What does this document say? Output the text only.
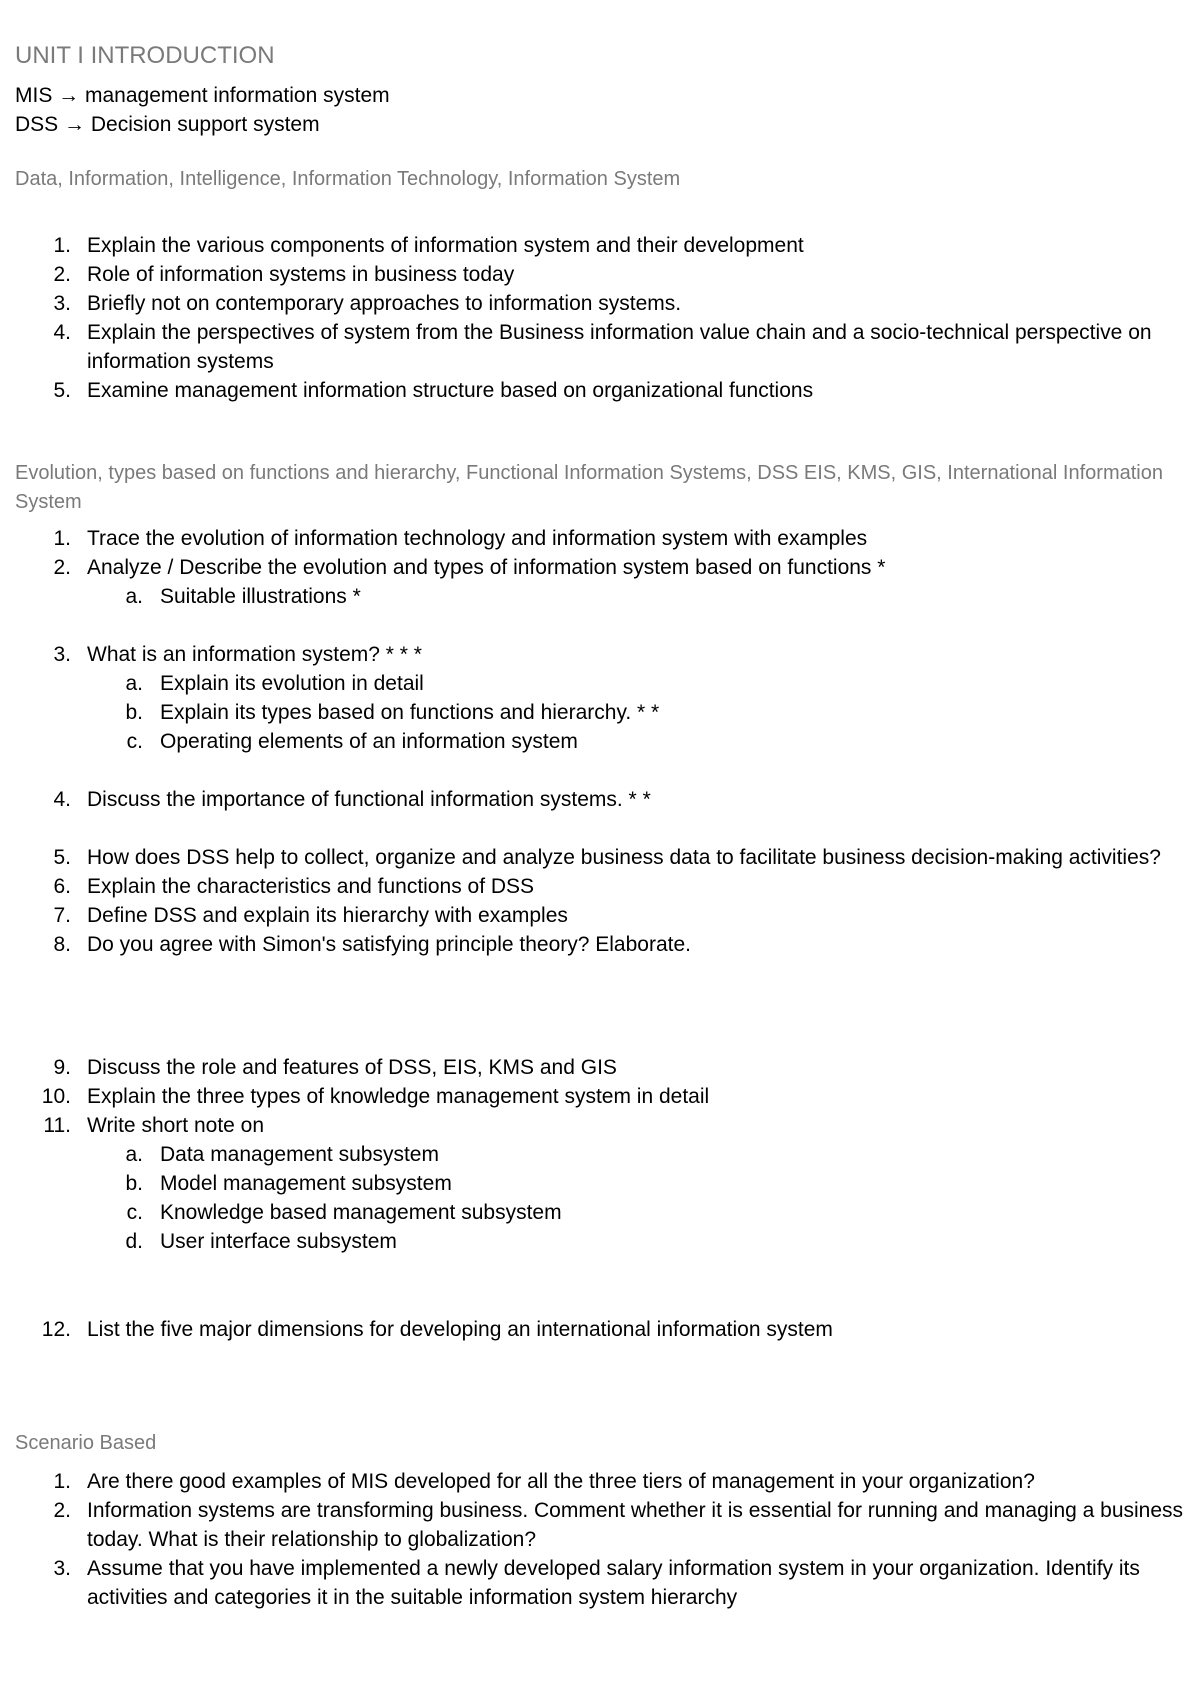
UNIT I INTRODUCTION
MIS → management information system
DSS → Decision support system
Data, Information, Intelligence, Information Technology, Information System
1. Explain the various components of information system and their development
2. Role of information systems in business today
3. Briefly not on contemporary approaches to information systems.
4. Explain the perspectives of system from the Business information value chain and a socio-technical perspective on information systems
5. Examine management information structure based on organizational functions
Evolution, types based on functions and hierarchy, Functional Information Systems, DSS EIS, KMS, GIS, International Information System
1. Trace the evolution of information technology and information system with examples
2. Analyze / Describe the evolution and types of information system based on functions *
a. Suitable illustrations *
3. What is an information system? * * *
a. Explain its evolution in detail
b. Explain its types based on functions and hierarchy. * *
c. Operating elements of an information system
4. Discuss the importance of functional information systems. * *
5. How does DSS help to collect, organize and analyze business data to facilitate business decision-making activities?
6. Explain the characteristics and functions of DSS
7. Define DSS and explain its hierarchy with examples
8. Do you agree with Simon's satisfying principle theory? Elaborate.
9. Discuss the role and features of DSS, EIS, KMS and GIS
10. Explain the three types of knowledge management system in detail
11. Write short note on
a. Data management subsystem
b. Model management subsystem
c. Knowledge based management subsystem
d. User interface subsystem
12. List the five major dimensions for developing an international information system
Scenario Based
1. Are there good examples of MIS developed for all the three tiers of management in your organization?
2. Information systems are transforming business. Comment whether it is essential for running and managing a business today. What is their relationship to globalization?
3. Assume that you have implemented a newly developed salary information system in your organization. Identify its activities and categories it in the suitable information system hierarchy
